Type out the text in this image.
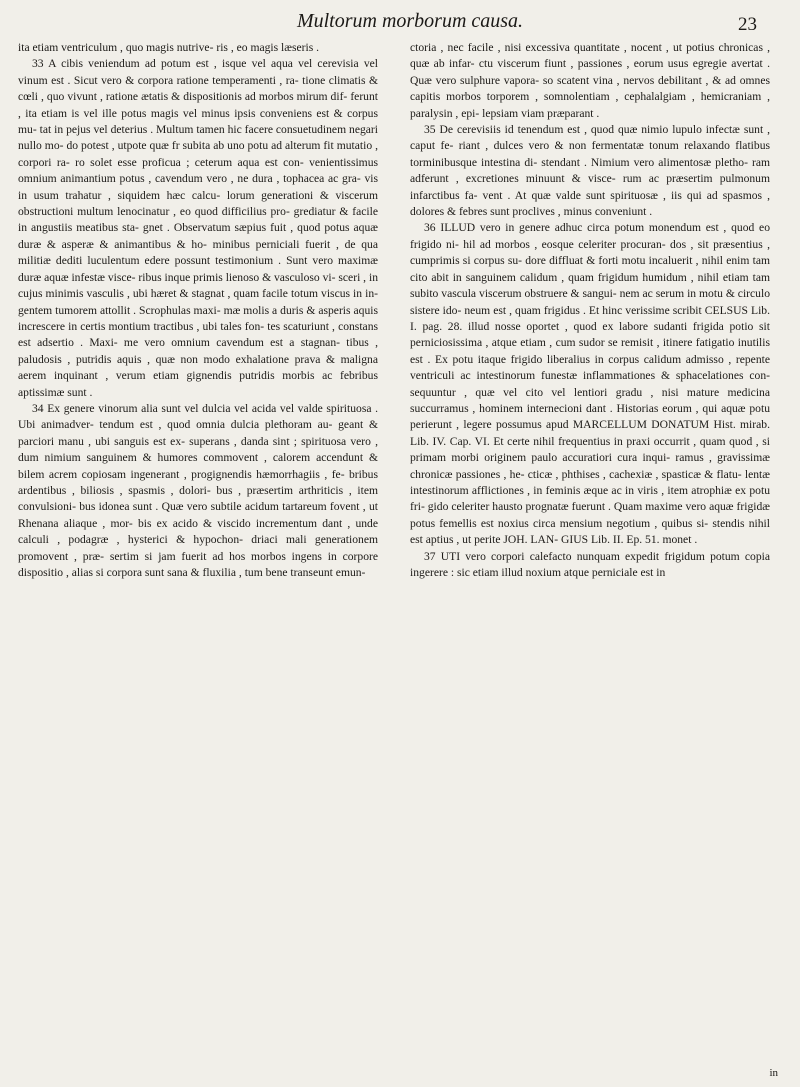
Multorum morborum causa.	23

ita etiam ventriculum , quo magis nutrive- ris , eo magis læseris .

33 A cibis veniendum ad potum est , isque vel aqua vel cerevisia vel vinum est . Sicut vero & corpora ratione temperamenti , ra- tione climatis & cœli , quo vivunt , ratione ætatis & dispositionis ad morbos mirum dif- ferunt , ita etiam is vel ille potus magis vel minus ipsis conveniens est & corpus mu- tat in pejus vel deterius . Multum tamen hic facere consuetudinem negari nullo mo- do potest , utpote quæ fr subita ab uno potu ad alterum fit mutatio , corpori ra- ro solet esse proficua ; ceterum aqua est con- venientissimus omnium animantium potus , cavendum vero , ne dura , tophacea ac gra- vis in usum trahatur , siquidem hæc calcu- lorum generationi & viscerum obstructioni multum lenocinatur , eo quod difficilius pro- grediatur & facile in angustiis meatibus sta- gnet . Observatum sæpius fuit , quod potus aquæ duræ & asperæ & animantibus & ho- minibus perniciali fuerit , de qua militiæ dediti luculentum edere possunt testimonium . Sunt vero maximæ duræ aquæ infestæ visce- ribus inque primis lienoso & vasculoso vi- sceri , in cujus minimis vasculis , ubi hæret & stagnat , quam facile totum viscus in in- gentem tumorem attollit . Scrophulas maxi- mæ molis a duris & asperis aquis increscere in certis montium tractibus , ubi tales fon- tes scaturiunt , constans est adsertio . Maxi- me vero omnium cavendum est a stagnan- tibus , paludosis , putridis aquis , quæ non modo exhalatione prava & maligna aerem inquinant , verum etiam gignendis putridis morbis ac febribus aptissimæ sunt .

34 Ex genere vinorum alia sunt vel dulcia vel acida vel valde spirituosa . Ubi animadver- tendum est , quod omnia dulcia plethoram au- geant & parciori manu , ubi sanguis est ex- superans , danda sint ; spirituosa vero , dum nimium sanguinem & humores commovent , calorem accendunt & bilem acrem copiosam ingenerant , progignendis hæmorrhagiis , fe- bribus ardentibus , biliosis , spasmis , dolori- bus , præsertim arthriticis , item convulsioni- bus idonea sunt . Quæ vero subtile acidum tartareum fovent , ut Rhenana aliaque , mor- bis ex acido & viscido incrementum dant , unde calculi , podagræ , hysterici & hypochon- driaci mali generationem promovent , præ- sertim si jam fuerit ad hos morbos ingens in corpore dispositio , alias si corpora sunt sana & fluxilia , tum bene transeunt emun-

ctoria , nec facile , nisi excessiva quantitate , nocent , ut potius chronicas , quæ ab infar- ctu viscerum fiunt , passiones , eorum usus egregie avertat . Quæ vero sulphure vapora- so scatent vina , nervos debilitant , & ad omnes capitis morbos torporem , somnolentiam , cephalalgiam , hemicraniam , paralysin , epi- lepsiam viam præparant .

35 De cerevisiis id tenendum est , quod quæ nimio lupulo infectæ sunt , caput fe- riant , dulces vero & non fermentatæ tonum relaxando flatibus torminibusque intestina di- stendant . Nimium vero alimentosæ pletho- ram adferunt , excretiones minuunt & visce- rum ac præsertim pulmonum infarctibus fa- vent . At quæ valde sunt spirituosæ , iis qui ad spasmos , dolores & febres sunt proclives , minus conveniunt .

36 ILLUD vero in genere adhuc circa potum monendum est , quod eo frigido ni- hil ad morbos , eosque celeriter procuran- dos , sit præsentius , cumprimis si corpus su- dore diffluat & forti motu incaluerit , nihil enim tam cito abit in sanguinem calidum , quam frigidum humidum , nihil etiam tam subito vascula viscerum obstruere & sangui- nem ac serum in motu & circulo sistere ido- neum est , quam frigidus . Et hinc verissime scribit CELSUS Lib. I. pag. 28. illud nosse oportet , quod ex labore sudanti frigida potio sit perniciosissima , atque etiam , cum sudor se remisit , itinere fatigatio inutilis est . Ex potu itaque frigido liberalius in corpus calidum admisso , repente ventriculi ac intestinorum funestæ inflammationes & sphacelationes con- sequuntur , quæ vel cito vel lentiori gradu , nisi mature medicina succurramus , hominem internecioni dant . Historias eorum , qui aquæ potu perierunt , legere possumus apud MARCELLUM DONATUM Hist. mirab. Lib. IV. Cap. VI. Et certe nihil frequentius in praxi occurrit , quam quod , si primam morbi originem paulo accuratiori cura inqui- ramus , gravissimæ chronicæ passiones , he- cticæ , phthises , cachexiæ , spasticæ & flatu- lentæ intestinorum afflictiones , in feminis æque ac in viris , item atrophiæ ex potu fri- gido celeriter hausto prognatæ fuerunt . Quam maxime vero aquæ frigidæ potus femellis est noxius circa mensium negotium , quibus si- stendis nihil est aptius , ut perite JOH. LAN- GIUS Lib. II. Ep. 51. monet .

37 UTI vero corpori calefacto nunquam expedit frigidum potum copia ingerere : sic etiam illud noxium atque perniciale est in

in
